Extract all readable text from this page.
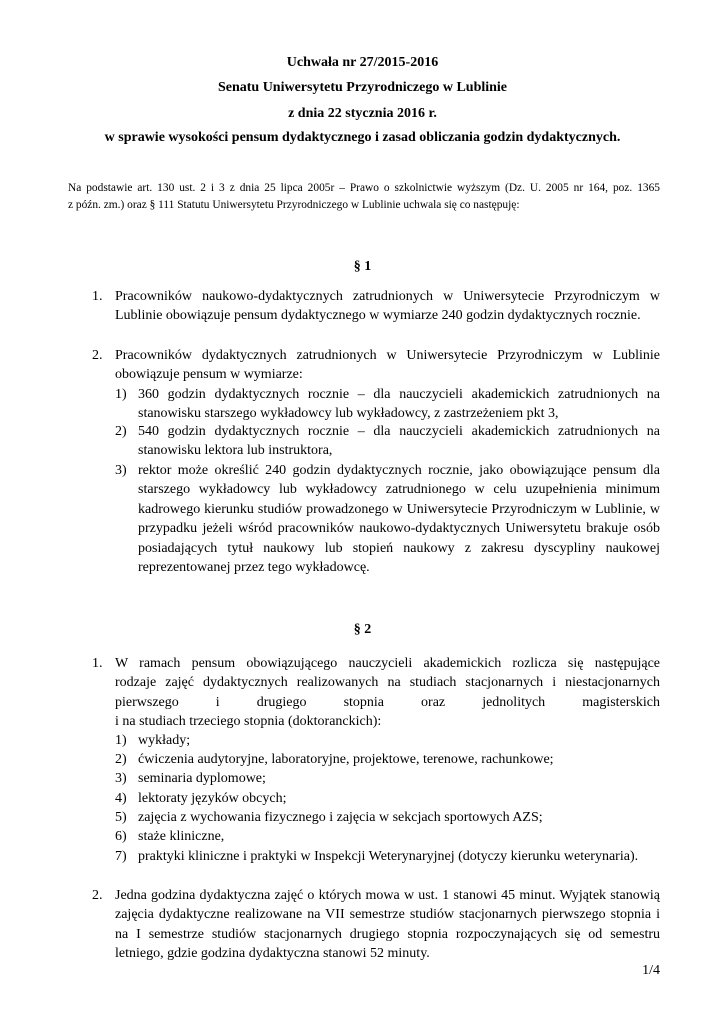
Uchwała nr 27/2015-2016
Senatu Uniwersytetu Przyrodniczego w Lublinie
z dnia 22 stycznia 2016 r.
w sprawie wysokości pensum dydaktycznego i zasad obliczania godzin dydaktycznych.
Na podstawie art. 130 ust. 2 i 3 z dnia 25 lipca 2005r – Prawo o szkolnictwie wyższym (Dz. U. 2005 nr 164, poz. 1365
z późn. zm.) oraz § 111 Statutu Uniwersytetu Przyrodniczego w Lublinie uchwala się co następuję:
§ 1
1. Pracowników naukowo-dydaktycznych zatrudnionych w Uniwersytecie Przyrodniczym w Lublinie obowiązuje pensum dydaktycznego w wymiarze 240 godzin dydaktycznych rocznie.
2. Pracowników dydaktycznych zatrudnionych w Uniwersytecie Przyrodniczym w Lublinie obowiązuje pensum w wymiarze:
1) 360 godzin dydaktycznych rocznie – dla nauczycieli akademickich zatrudnionych na stanowisku starszego wykładowcy lub wykładowcy, z zastrzeżeniem pkt 3,
2) 540 godzin dydaktycznych rocznie – dla nauczycieli akademickich zatrudnionych na stanowisku lektora lub instruktora,
3) rektor może określić 240 godzin dydaktycznych rocznie, jako obowiązujące pensum dla starszego wykładowcy lub wykładowcy zatrudnionego w celu uzupełnienia minimum kadrowego kierunku studiów prowadzonego w Uniwersytecie Przyrodniczym w Lublinie, w przypadku jeżeli wśród pracowników naukowo-dydaktycznych Uniwersytetu brakuje osób posiadających tytuł naukowy lub stopień naukowy z zakresu dyscypliny naukowej reprezentowanej przez tego wykładowcę.
§ 2
1. W ramach pensum obowiązującego nauczycieli akademickich rozlicza się następujące
rodzaje zajęć dydaktycznych realizowanych na studiach stacjonarnych i niestacjonarnych
pierwszego i drugiego stopnia oraz jednolitych magisterskich
i na studiach trzeciego stopnia (doktoranckich):
1) wykłady;
2) ćwiczenia audytoryjne, laboratoryjne, projektowe, terenowe, rachunkowe;
3) seminaria dyplomowe;
4) lektoraty języków obcych;
5) zajęcia z wychowania fizycznego i zajęcia w sekcjach sportowych AZS;
6) staże kliniczne,
7) praktyki kliniczne i praktyki w Inspekcji Weterynaryjnej (dotyczy kierunku weterynaria).
2. Jedna godzina dydaktyczna zajęć o których mowa w ust. 1 stanowi 45 minut. Wyjątek stanowią zajęcia dydaktyczne realizowane na VII semestrze studiów stacjonarnych pierwszego stopnia i na I semestrze studiów stacjonarnych drugiego stopnia rozpoczynających się od semestru letniego, gdzie godzina dydaktyczna stanowi 52 minuty.
1/4
